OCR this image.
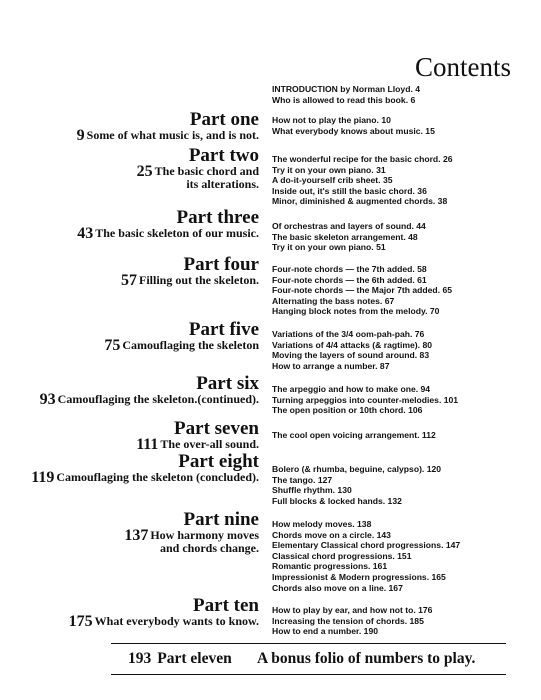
Contents
INTRODUCTION by Norman Lloyd. 4
Who is allowed to read this book. 6
Part one
9 Some of what music is, and is not.
How not to play the piano. 10
What everybody knows about music. 15
Part two
25 The basic chord and
its alterations.
The wonderful recipe for the basic chord. 26
Try it on your own piano. 31
A do-it-yourself crib sheet. 35
Inside out, it's still the basic chord. 36
Minor, diminished & augmented chords. 38
Part three
43 The basic skeleton of our music. Of orchestras and layers of sound. 44
The basic skeleton arrangement. 48
Try it on your own piano. 51
Part four
57 Filling out the skeleton.
Four-note chords — the 7th added. 58
Four-note chords — the 6th added. 61
Four-note chords — the Major 7th added. 65
Alternating the bass notes. 67
Hanging block notes from the melody. 70
Part five
75 Camouflaging the skeleton
Variations of the 3/4 oom-pah-pah. 76
Variations of 4/4 attacks (& ragtime). 80
Moving the layers of sound around. 83
How to arrange a number. 87
Part six
93 Camouflaging the skeleton.(continued).
The arpeggio and how to make one. 94
Turning arpeggios into counter-melodies. 101
The open position or 10th chord. 106
Part seven
111 The over-all sound.
The cool open voicing arrangement. 112
Part eight
119 Camouflaging the skeleton (concluded).
Bolero (& rhumba, beguine, calypso). 120
The tango. 127
Shuffle rhythm. 130
Full blocks & locked hands. 132
Part nine
137 How harmony moves
and chords change.
How melody moves. 138
Chords move on a circle. 143
Elementary Classical chord progressions. 147
Classical chord progressions. 151
Romantic progressions. 161
Impressionist & Modern progressions. 165
Chords also move on a line. 167
Part ten
175 What everybody wants to know.
How to play by ear, and how not to. 176
Increasing the tension of chords. 185
How to end a number. 190
193 Part eleven A bonus folio of numbers to play.
